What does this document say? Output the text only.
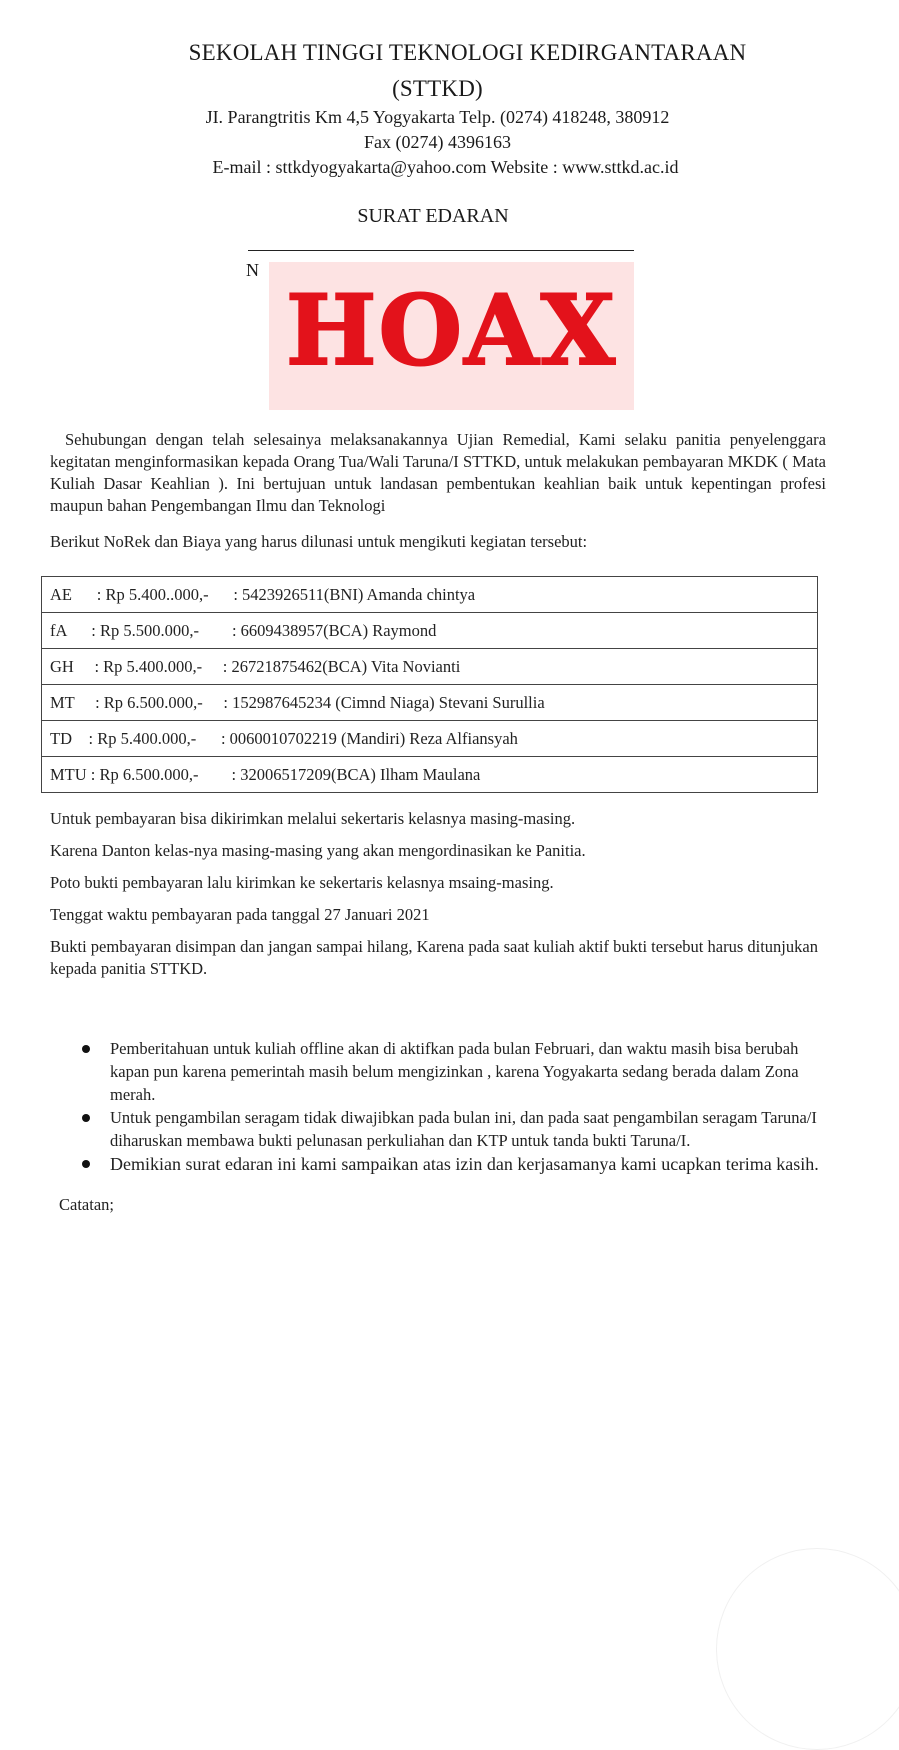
SEKOLAH TINGGI TEKNOLOGI KEDIRGANTARAAN
(STTKD)
JI. Parangtritis Km 4,5 Yogyakarta Telp. (0274) 418248, 380912
Fax (0274) 4396163
E-mail : sttkdyogyakarta@yahoo.com Website : www.sttkd.ac.id
SURAT EDARAN
N
HOAX
Sehubungan dengan telah selesainya melaksanakannya Ujian Remedial, Kami selaku panitia penyelenggara kegitatan menginformasikan kepada Orang Tua/Wali Taruna/I STTKD, untuk melakukan pembayaran MKDK ( Mata Kuliah Dasar Keahlian ). Ini bertujuan untuk landasan pembentukan keahlian baik untuk kepentingan profesi maupun bahan Pengembangan Ilmu dan Teknologi
Berikut NoRek dan Biaya yang harus dilunasi untuk mengikuti kegiatan tersebut:
AE      : Rp 5.400..000,-      : 5423926511(BNI) Amanda chintya
fA      : Rp 5.500.000,-        : 6609438957(BCA) Raymond
GH     : Rp 5.400.000,-     : 26721875462(BCA) Vita Novianti
MT     : Rp 6.500.000,-     : 152987645234 (Cimnd Niaga) Stevani Surullia
TD    : Rp 5.400.000,-      : 0060010702219 (Mandiri) Reza Alfiansyah
MTU : Rp 6.500.000,-        : 32006517209(BCA) Ilham Maulana
Untuk pembayaran bisa dikirimkan melalui sekertaris kelasnya masing-masing.
Karena Danton kelas-nya masing-masing yang akan mengordinasikan ke Panitia.
Poto bukti pembayaran lalu kirimkan ke sekertaris kelasnya msaing-masing.
Tenggat waktu pembayaran pada tanggal 27 Januari 2021
Bukti pembayaran disimpan dan jangan sampai hilang, Karena pada saat kuliah aktif bukti tersebut harus ditunjukan kepada panitia STTKD.
Pemberitahuan untuk kuliah offline akan di aktifkan pada bulan Februari, dan waktu masih bisa berubah kapan pun karena pemerintah masih belum mengizinkan , karena Yogyakarta sedang berada dalam Zona merah.
Untuk pengambilan seragam tidak diwajibkan pada bulan ini, dan pada saat pengambilan seragam Taruna/I diharuskan membawa bukti pelunasan perkuliahan dan KTP untuk tanda bukti Taruna/I.
Demikian surat edaran ini kami sampaikan atas izin dan kerjasamanya kami ucapkan terima kasih.
Catatan;
